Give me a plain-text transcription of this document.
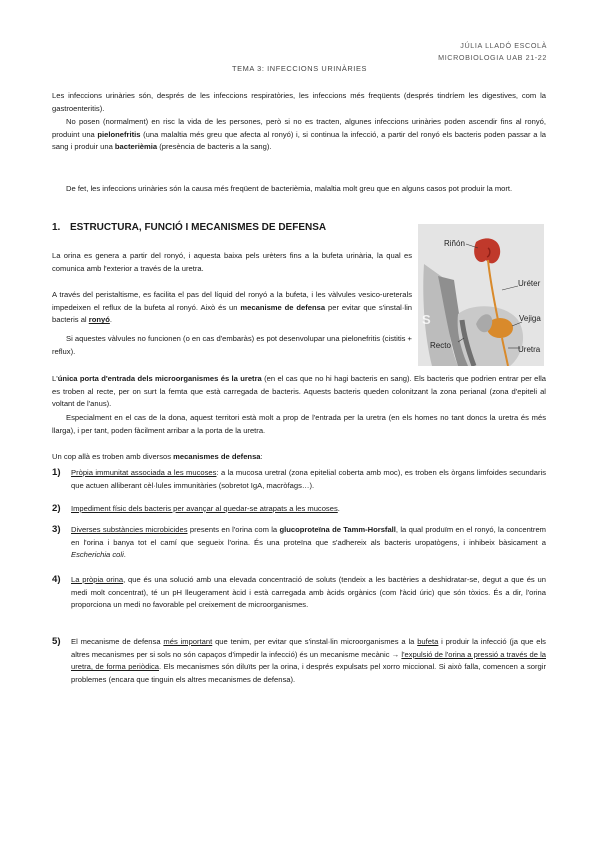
JÚLIA LLADÓ ESCOLÀ
MICROBIOLOGIA UAB 21-22
TEMA 3: INFECCIONS URINÀRIES
Les infeccions urinàries són, després de les infeccions respiratòries, les infeccions més freqüents (després tindríem les digestives, com la gastroenteritis).
No posen (normalment) en risc la vida de les persones, però si no es tracten, algunes infeccions urinàries poden ascendir fins al ronyó, produint una pielonefritis (una malaltia més greu que afecta al ronyó) i, si continua la infecció, a partir del ronyó els bacteris poden passar a la sang i produir una bacterièmia (presència de bacteris a la sang).
De fet, les infeccions urinàries són la causa més freqüent de bacterièmia, malaltia molt greu que en alguns casos pot produir la mort.
1. ESTRUCTURA, FUNCIÓ I MECANISMES DE DEFENSA
La orina es genera a partir del ronyó, i aquesta baixa pels urèters fins a la bufeta urinària, la qual es comunica amb l'exterior a través de la uretra.
A través del peristaltisme, es facilita el pas del líquid del ronyó a la bufeta, i les vàlvules vesico-ureterals impedeixen el reflux de la bufeta al ronyó. Això és un mecanisme de defensa per evitar que s'instal·lin bacteris al ronyó.
Si aquestes vàlvules no funcionen (o en cas d'embaràs) es pot desenvolupar una pielonefritis (cistitis + reflux).
L'única porta d'entrada dels microorganismes és la uretra (en el cas que no hi hagi bacteris en sang). Els bacteris que podrien entrar per ella es troben al recte, per on surt la femta que està carregada de bacteris. Aquests bacteris queden colonitzant la zona perianal (zona d'epiteli al voltant de l'anus).
Especialment en el cas de la dona, aquest territori està molt a prop de l'entrada per la uretra (en els homes no tant doncs la uretra és més llarga), i per tant, poden fàcilment arribar a la porta de la uretra.
Un cop allà es troben amb diversos mecanismes de defensa:
S
Riñón
Uréter
Vejiga
Recto	Uretra
1) Pròpia immunitat associada a les mucoses: a la mucosa uretral (zona epitelial coberta amb moc), es troben els òrgans limfoides secundaris que actuen alliberant cèl·lules immunitàries (sobretot IgA, macròfags…).
2) Impediment físic dels bacteris per avançar al quedar-se atrapats a les mucoses.
3) Diverses substàncies microbicides presents en l'orina com la glucoproteïna de Tamm-Horsfall, la qual produïm en el ronyó, la concentrem en l'orina i banya tot el camí que segueix l'orina. És una proteïna que s'adhereix als bacteris uropatògens, i inhibeix bàsicament a Escherichia coli.
4) La pròpia orina, que és una solució amb una elevada concentració de soluts (tendeix a les bactèries a deshidratar-se, degut a que és un medi molt concentrat), té un pH lleugerament àcid i està carregada amb àcids orgànics (com l'àcid úric) que són tòxics. És a dir, l'orina proporciona un medi no favorable pel creixement de microorganismes.
5) El mecanisme de defensa més important que tenim, per evitar que s'instal·lin microorganismes a la bufeta i produir la infecció (ja que els altres mecanismes per si sols no són capaços d'impedir la infecció) és un mecanisme mecànic → l'expulsió de l'orina a pressió a través de la uretra, de forma periòdica. Els mecanismes són diluïts per la orina, i després expulsats pel xorro miccional. Si això falla, comencen a sorgir problemes (encara que tinguin els altres mecanismes de defensa).
